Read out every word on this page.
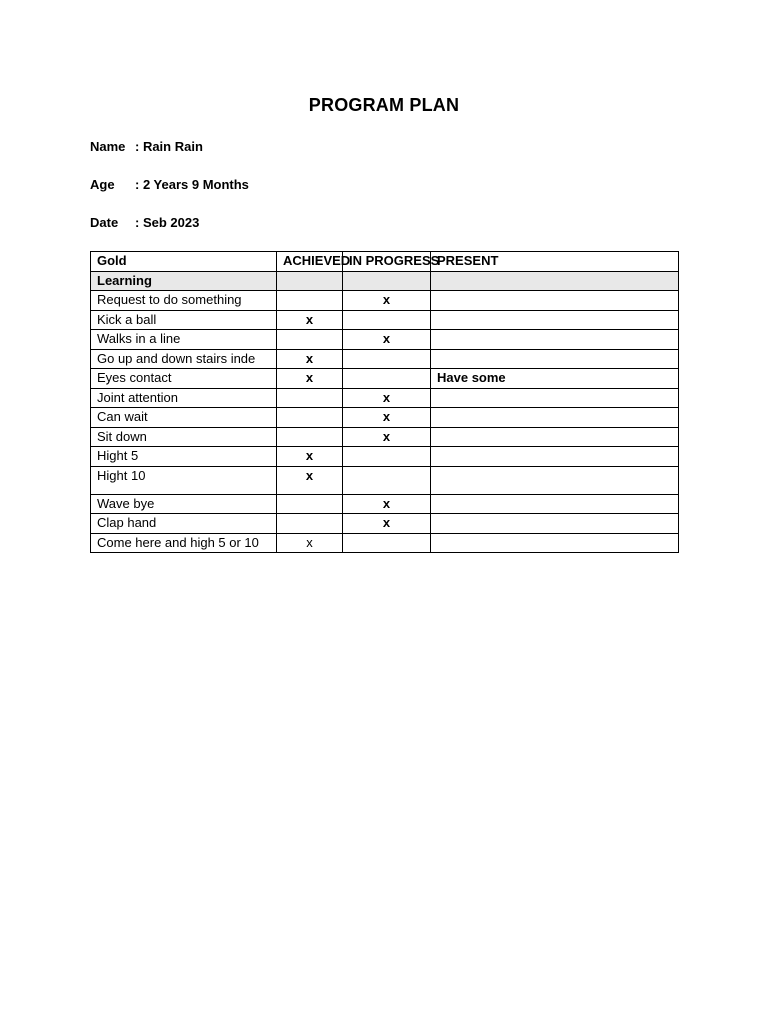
PROGRAM PLAN
Name : Rain Rain
Age	: 2 Years 9 Months
Date	: Seb 2023
Gold	ACHIEVED	IN PROGRESS	PRESENT
Learning			
Request to do something		x	
Kick a ball	x		
Walks in a line		x	
Go up and down stairs inde	x		
Eyes contact	x		Have some
Joint attention		x	
Can wait		x	
Sit down		x	
Hight 5	x		
Hight 10	x		
Wave bye		x	
Clap hand		x	
Come here and high 5 or 10	x		
